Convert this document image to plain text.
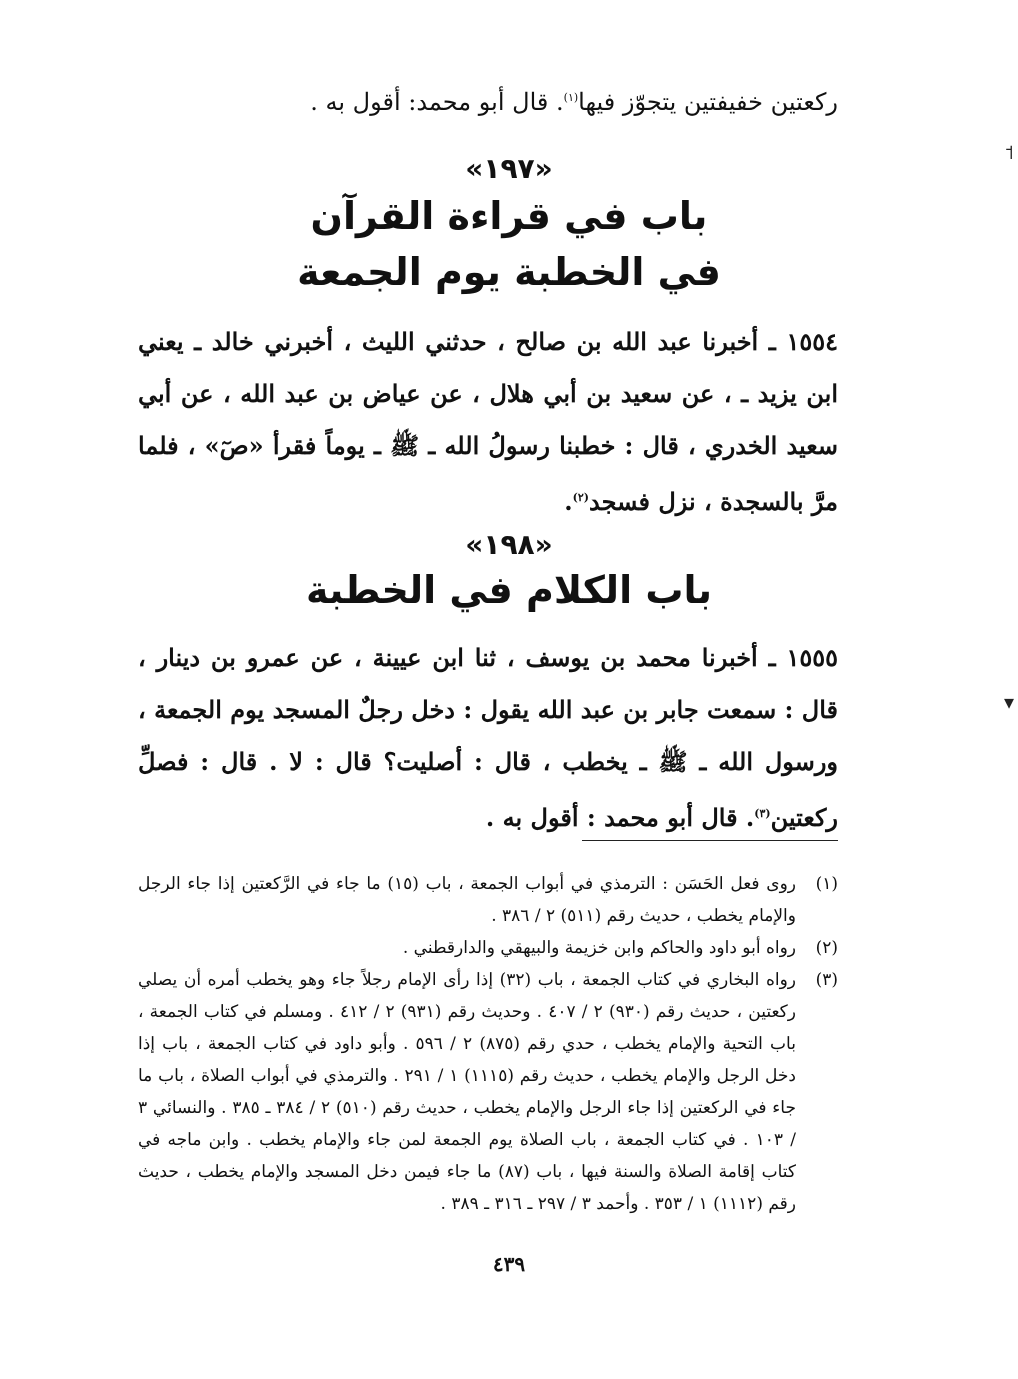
ركعتين خفيفتين يتجوّز فيها$^{(١)}$. قال أبو محمد: أقول به .
«١٩٧»
باب في قراءة القرآن
في الخطبة يوم الجمعة
١٥٥٤ ـ أخبرنا عبد الله بن صالح ، حدثني الليث ، أخبرني خالد ـ يعني ابن يزيد ـ ، عن سعيد بن أبي هلال ، عن عياض بن عبد الله ، عن أبي سعيد الخدري ، قال : خطبنا رسولُ الله ـ ﷺ ـ يوماً فقرأ «صٓ» ، فلما مرَّ بالسجدة ، نزل فسجد$^{(٢)}$.
«١٩٨»
باب الكلام في الخطبة
١٥٥٥ ـ أخبرنا محمد بن يوسف ، ثنا ابن عيينة ، عن عمرو بن دينار ، قال : سمعت جابر بن عبد الله يقول : دخل رجلٌ المسجد يوم الجمعة ، ورسول الله ـ ﷺ ـ يخطب ، قال : أصليت؟ قال : لا . قال : فصلِّ ركعتين$^{(٣)}$. قال أبو محمد : أقول به .
(١)
روى فعل الحَسَن : الترمذي في أبواب الجمعة ، باب (١٥) ما جاء في الرَّكعتين إذا جاء الرجل والإمام يخطب ، حديث رقم (٥١١) ٢ / ٣٨٦ .
(٢)
رواه أبو داود والحاكم وابن خزيمة والبيهقي والدارقطني .
(٣)
رواه البخاري في كتاب الجمعة ، باب (٣٢) إذا رأى الإمام رجلاً جاء وهو يخطب أمره أن يصلي ركعتين ، حديث رقم (٩٣٠) ٢ / ٤٠٧ . وحديث رقم (٩٣١) ٢ / ٤١٢ . ومسلم في كتاب الجمعة ، باب التحية والإمام يخطب ، حدي رقم (٨٧٥) ٢ / ٥٩٦ . وأبو داود في كتاب الجمعة ، باب إذا دخل الرجل والإمام يخطب ، حديث رقم (١١١٥) ١ / ٢٩١ . والترمذي في أبواب الصلاة ، باب ما جاء في الركعتين إذا جاء الرجل والإمام يخطب ، حديث رقم (٥١٠) ٢ / ٣٨٤ ـ ٣٨٥ . والنسائي ٣ / ١٠٣ . في كتاب الجمعة ، باب الصلاة يوم الجمعة لمن جاء والإمام يخطب . وابن ماجه في كتاب إقامة الصلاة والسنة فيها ، باب (٨٧) ما جاء فيمن دخل المسجد والإمام يخطب ، حديث رقم (١١١٢) ١ / ٣٥٣ . وأحمد ٣ / ٢٩٧ ـ ٣١٦ ـ ٣٨٩ .
٤٣٩
˦
▾
